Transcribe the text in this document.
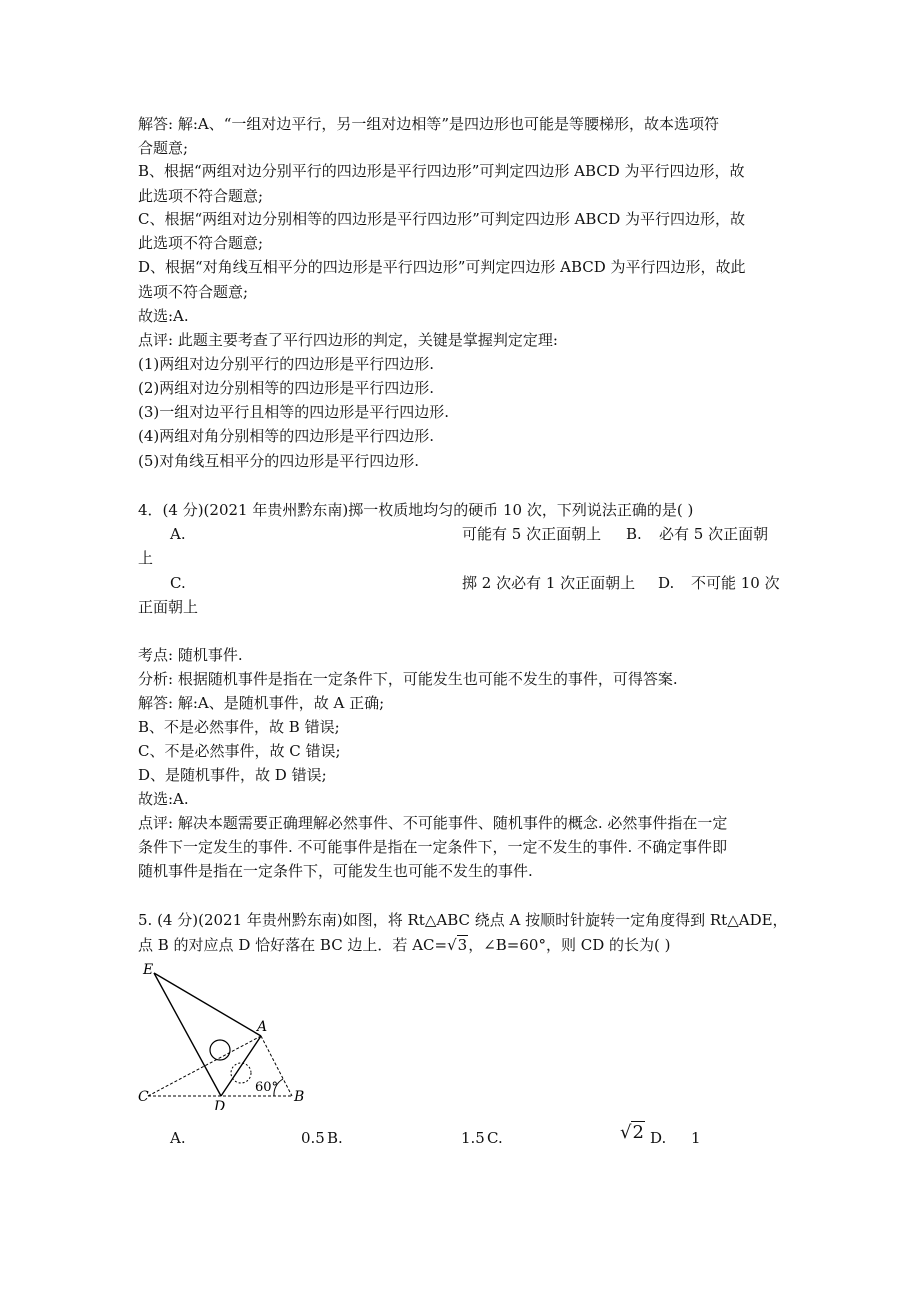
解答: 解:A、“一组对边平行，另一组对边相等”是四边形也可能是等腰梯形，故本选项符
合题意;
B、根据“两组对边分别平行的四边形是平行四边形”可判定四边形 ABCD 为平行四边形，故
此选项不符合题意;
C、根据“两组对边分别相等的四边形是平行四边形”可判定四边形 ABCD 为平行四边形，故
此选项不符合题意;
D、根据“对角线互相平分的四边形是平行四边形”可判定四边形 ABCD 为平行四边形，故此
选项不符合题意;
故选:A.
点评: 此题主要考查了平行四边形的判定，关键是掌握判定定理:
(1)两组对边分别平行的四边形是平行四边形.
(2)两组对边分别相等的四边形是平行四边形.
(3)一组对边平行且相等的四边形是平行四边形.
(4)两组对角分别相等的四边形是平行四边形.
(5)对角线互相平分的四边形是平行四边形.
4．(4 分)(2021 年贵州黔东南)掷一枚质地均匀的硬币 10 次，下列说法正确的是( )
A.	可能有 5 次正面朝上 B. 必有 5 次正面朝
上
C.	掷 2 次必有 1 次正面朝上 D. 不可能 10 次
正面朝上
考点: 随机事件.
分析: 根据随机事件是指在一定条件下，可能发生也可能不发生的事件，可得答案.
解答: 解:A、是随机事件，故 A 正确;
B、不是必然事件，故 B 错误;
C、不是必然事件，故 C 错误;
D、是随机事件，故 D 错误;
故选:A.
点评: 解决本题需要正确理解必然事件、不可能事件、随机事件的概念. 必然事件指在一定
条件下一定发生的事件. 不可能事件是指在一定条件下，一定不发生的事件. 不确定事件即
随机事件是指在一定条件下，可能发生也可能不发生的事件.
5. (4 分)(2021 年贵州黔东南)如图，将 Rt△ABC 绕点 A 按顺时针旋转一定角度得到 Rt△ADE，
点 B 的对应点 D 恰好落在 BC 边上．若 AC=√3，∠B=60°，则 CD 的长为( )
E
A
C
D
B
60°
A.	0.5 B.	1.5 C.	√2 D. 1
